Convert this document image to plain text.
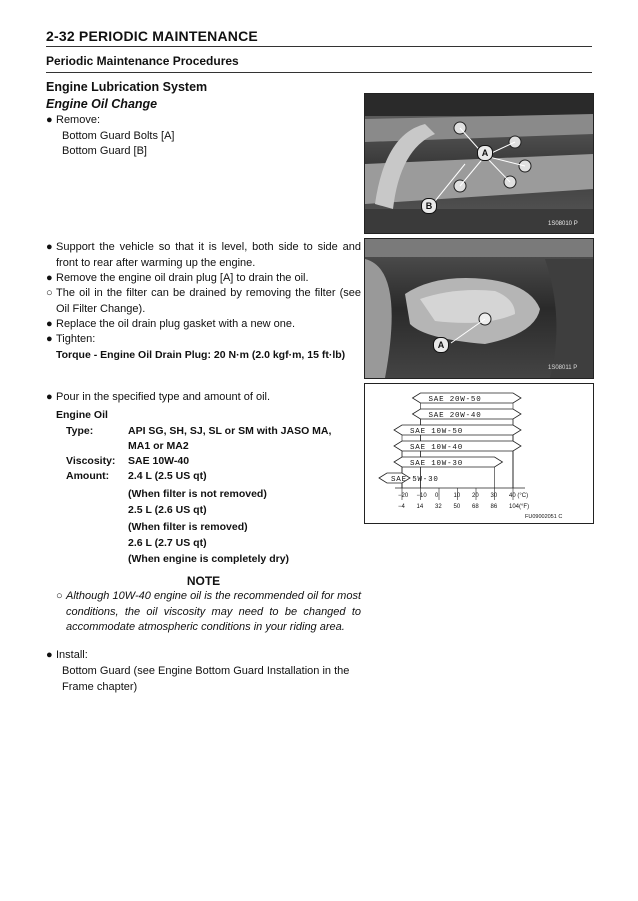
2-32 PERIODIC MAINTENANCE
Periodic Maintenance Procedures
Engine Lubrication System
Engine Oil Change
● Remove:
Bottom Guard Bolts [A]
Bottom Guard [B]	A
B
1S08010 P
● Support the vehicle so that it is level, both side to side and front to rear after warming up the engine.
● Remove the engine oil drain plug [A] to drain the oil.
○ The oil in the filter can be drained by removing the filter (see Oil Filter Change).
● Replace the oil drain plug gasket with a new one.
● Tighten:
Torque - Engine Oil Drain Plug: 20 N·m (2.0 kgf·m, 15 ft·lb)
A
1S08011 P
● Pour in the specified type and amount of oil.
Engine Oil
Type:	API SG, SH, SJ, SL or SM with JASO MA, MA1 or MA2
Viscosity: SAE 10W-40
Amount: 2.4 L (2.5 US qt)
(When filter is not removed)
2.5 L (2.6 US qt)
(When filter is removed)
2.6 L (2.7 US qt)
(When engine is completely dry)
NOTE
○ Although 10W-40 engine oil is the recommended oil for most conditions, the oil viscosity may need to be changed to accommodate atmospheric conditions in your riding area.
● Install:
Bottom Guard (see Engine Bottom Guard Installation in the Frame chapter)
SAE 20W-50
SAE 20W-40
SAE 10W-50
SAE 10W-40
SAE 10W-30
SAE 5W-30
−20 −10 0	10 20 30 40 (°C)
−4 14 32 50 68 86 104(°F)
FU09002051 C
